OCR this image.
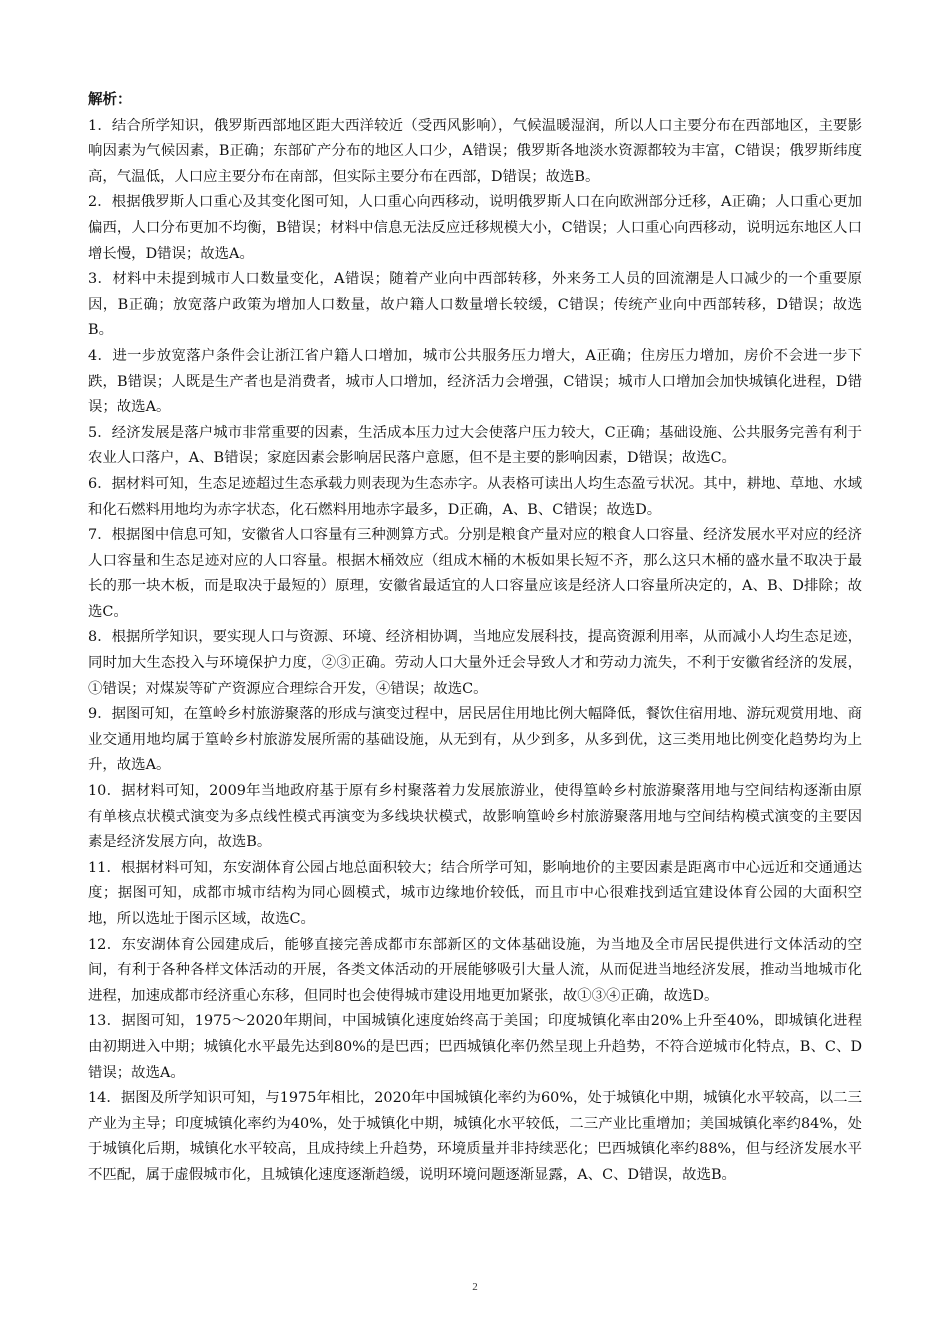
解析：

1．结合所学知识，俄罗斯西部地区距大西洋较近（受西风影响），气候温暖湿润，所以人口主要分布在西部地区，主要影响因素为气候因素，B正确；东部矿产分布的地区人口少，A错误；俄罗斯各地淡水资源都较为丰富，C错误；俄罗斯纬度高，气温低，人口应主要分布在南部，但实际主要分布在西部，D错误；故选B。

2．根据俄罗斯人口重心及其变化图可知，人口重心向西移动，说明俄罗斯人口在向欧洲部分迁移，A正确；人口重心更加偏西，人口分布更加不均衡，B错误；材料中信息无法反应迁移规模大小，C错误；人口重心向西移动，说明远东地区人口增长慢，D错误；故选A。

3．材料中未提到城市人口数量变化，A错误；随着产业向中西部转移，外来务工人员的回流潮是人口减少的一个重要原因，B正确；放宽落户政策为增加人口数量，故户籍人口数量增长较缓，C错误；传统产业向中西部转移，D错误；故选B。

4．进一步放宽落户条件会让浙江省户籍人口增加，城市公共服务压力增大，A正确；住房压力增加，房价不会进一步下跌，B错误；人既是生产者也是消费者，城市人口增加，经济活力会增强，C错误；城市人口增加会加快城镇化进程，D错误；故选A。

5．经济发展是落户城市非常重要的因素，生活成本压力过大会使落户压力较大，C正确；基础设施、公共服务完善有利于农业人口落户，A、B错误；家庭因素会影响居民落户意愿，但不是主要的影响因素，D错误；故选C。

6．据材料可知，生态足迹超过生态承载力则表现为生态赤字。从表格可读出人均生态盈亏状况。其中，耕地、草地、水域和化石燃料用地均为赤字状态，化石燃料用地赤字最多，D正确，A、B、C错误；故选D。

7．根据图中信息可知，安徽省人口容量有三种测算方式。分别是粮食产量对应的粮食人口容量、经济发展水平对应的经济人口容量和生态足迹对应的人口容量。根据木桶效应（组成木桶的木板如果长短不齐，那么这只木桶的盛水量不取决于最长的那一块木板，而是取决于最短的）原理，安徽省最适宜的人口容量应该是经济人口容量所决定的，A、B、D排除；故选C。

8．根据所学知识，要实现人口与资源、环境、经济相协调，当地应发展科技，提高资源利用率，从而减小人均生态足迹，同时加大生态投入与环境保护力度，②③正确。劳动人口大量外迁会导致人才和劳动力流失，不利于安徽省经济的发展，①错误；对煤炭等矿产资源应合理综合开发，④错误；故选C。

9．据图可知，在篁岭乡村旅游聚落的形成与演变过程中，居民居住用地比例大幅降低，餐饮住宿用地、游玩观赏用地、商业交通用地均属于篁岭乡村旅游发展所需的基础设施，从无到有，从少到多，从多到优，这三类用地比例变化趋势均为上升，故选A。

10．据材料可知，2009年当地政府基于原有乡村聚落着力发展旅游业，使得篁岭乡村旅游聚落用地与空间结构逐渐由原有单核点状模式演变为多点线性模式再演变为多线块状模式，故影响篁岭乡村旅游聚落用地与空间结构模式演变的主要因素是经济发展方向，故选B。

11．根据材料可知，东安湖体育公园占地总面积较大；结合所学可知，影响地价的主要因素是距离市中心远近和交通通达度；据图可知，成都市城市结构为同心圆模式，城市边缘地价较低，而且市中心很难找到适宜建设体育公园的大面积空地，所以选址于图示区域，故选C。

12．东安湖体育公园建成后，能够直接完善成都市东部新区的文体基础设施，为当地及全市居民提供进行文体活动的空间，有利于各种各样文体活动的开展，各类文体活动的开展能够吸引大量人流，从而促进当地经济发展，推动当地城市化进程，加速成都市经济重心东移，但同时也会使得城市建设用地更加紧张，故①③④正确，故选D。

13．据图可知，1975～2020年期间，中国城镇化速度始终高于美国；印度城镇化率由20%上升至40%，即城镇化进程由初期进入中期；城镇化水平最先达到80%的是巴西；巴西城镇化率仍然呈现上升趋势，不符合逆城市化特点，B、C、D错误；故选A。

14．据图及所学知识可知，与1975年相比，2020年中国城镇化率约为60%，处于城镇化中期，城镇化水平较高，以二三产业为主导；印度城镇化率约为40%，处于城镇化中期，城镇化水平较低，二三产业比重增加；美国城镇化率约84%，处于城镇化后期，城镇化水平较高，且成持续上升趋势，环境质量并非持续恶化；巴西城镇化率约88%，但与经济发展水平不匹配，属于虚假城市化，且城镇化速度逐渐趋缓，说明环境问题逐渐显露，A、C、D错误，故选B。

2
